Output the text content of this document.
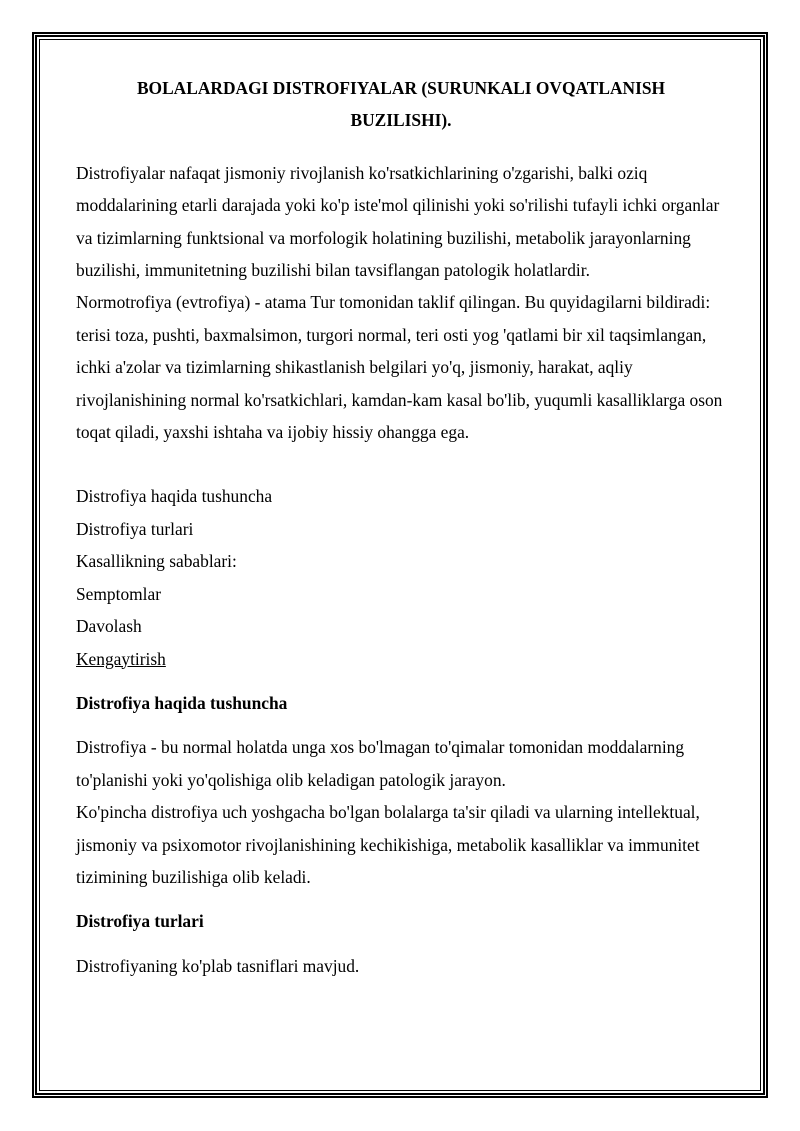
BOLALARDAGI DISTROFIYALAR (SURUNKALI OVQATLANISH

BUZILISHI).

Distrofiyalar nafaqat jismoniy rivojlanish ko'rsatkichlarining o'zgarishi, balki oziq moddalarining etarli darajada yoki ko'p iste'mol qilinishi yoki so'rilishi tufayli ichki organlar va tizimlarning funktsional va morfologik holatining buzilishi, metabolik jarayonlarning buzilishi, immunitetning buzilishi bilan tavsiflangan patologik holatlardir.

Normotrofiya (evtrofiya) - atama Tur tomonidan taklif qilingan. Bu quyidagilarni bildiradi: terisi toza, pushti, baxmalsimon, turgori normal, teri osti yog 'qatlami bir xil taqsimlangan, ichki a'zolar va tizimlarning shikastlanish belgilari yo'q, jismoniy, harakat, aqliy rivojlanishining normal ko'rsatkichlari, kamdan-kam kasal bo'lib, yuqumli kasalliklarga oson toqat qiladi, yaxshi ishtaha va ijobiy hissiy ohangga ega.

Distrofiya haqida tushuncha

Distrofiya turlari

Kasallikning sabablari:

Semptomlar

Davolash

Kengaytirish

Distrofiya haqida tushuncha

Distrofiya - bu normal holatda unga xos bo'lmagan to'qimalar tomonidan moddalarning to'planishi yoki yo'qolishiga olib keladigan patologik jarayon.

Ko'pincha distrofiya uch yoshgacha bo'lgan bolalarga ta'sir qiladi va ularning intellektual, jismoniy va psixomotor rivojlanishining kechikishiga, metabolik kasalliklar va immunitet tizimining buzilishiga olib keladi.

Distrofiya turlari

Distrofiyaning ko'plab tasniflari mavjud.
